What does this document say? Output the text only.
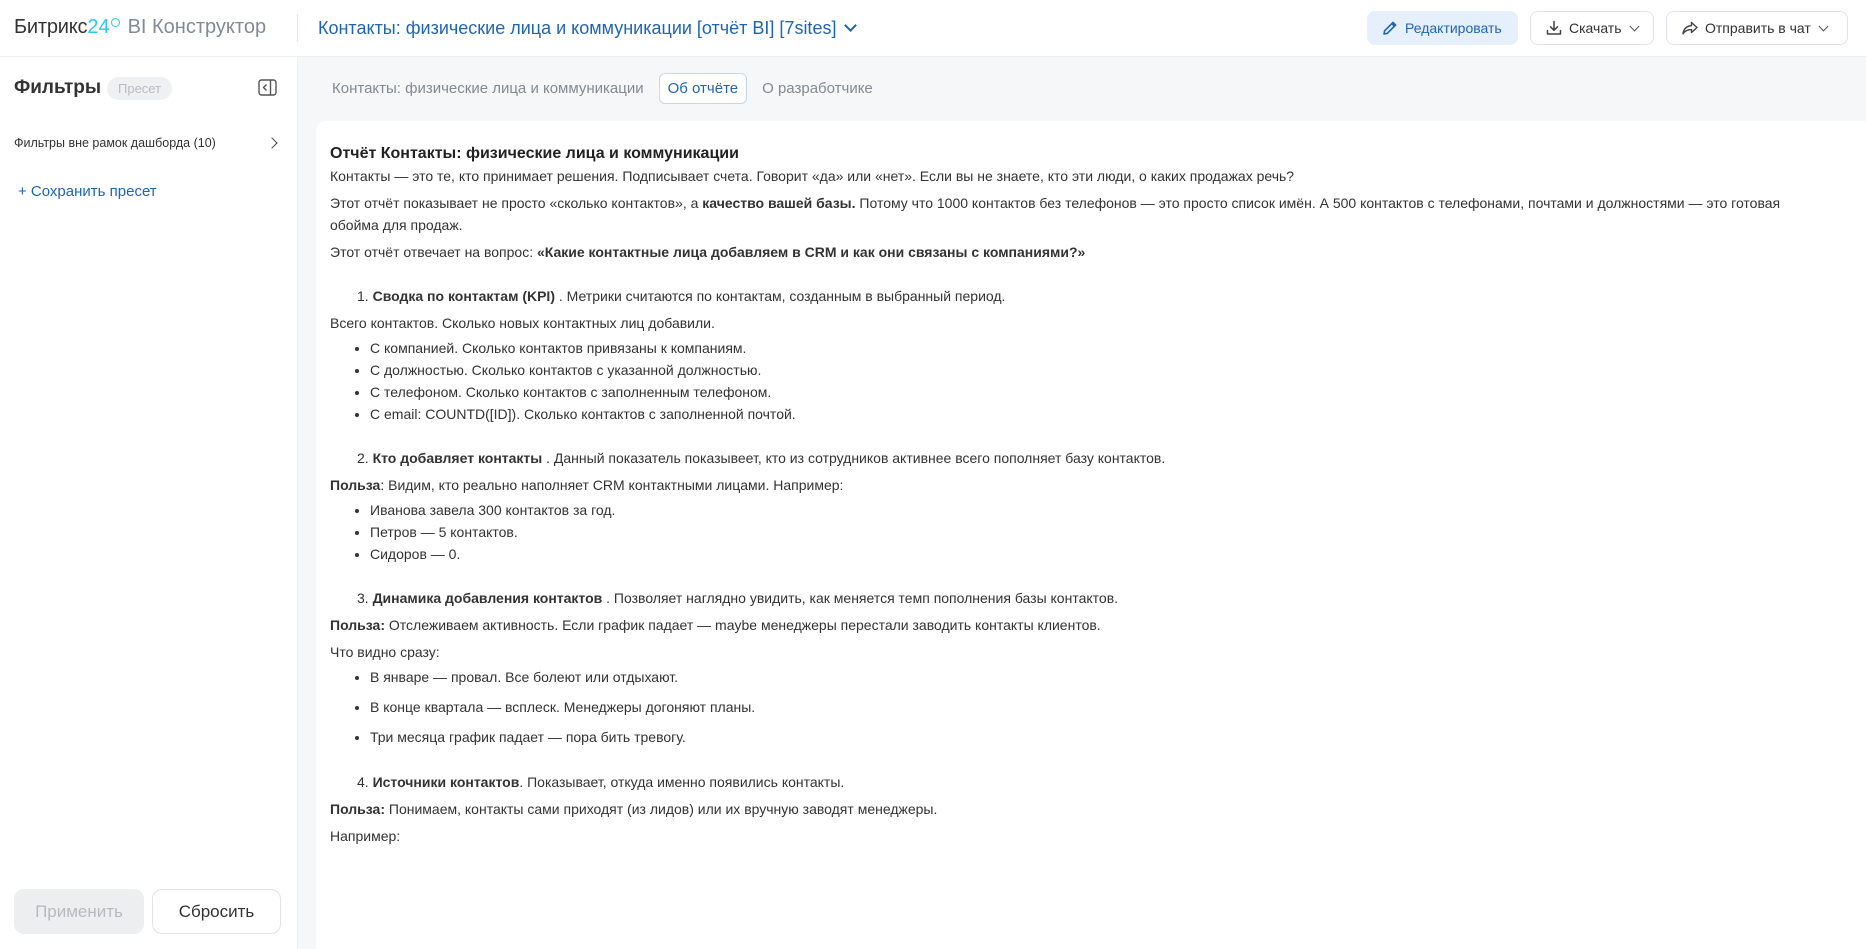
Битрикс 24 BI Конструктор	Контакты: физические лица и коммуникации [отчёт BI] [7sites]	Редактировать	Скачать	Отправить в чат
Фильтры	Пресет
Фильтры вне рамок дашборда (10)
+ Сохранить пресет
Применить	Сбросить
Контакты: физические лица и коммуникации	Об отчёте	О разработчике
Отчёт Контакты: физические лица и коммуникации

Контакты — это те, кто принимает решения. Подписывает счета. Говорит «да» или «нет». Если вы не знаете, кто эти люди, о каких продажах речь?

Этот отчёт показывает не просто «сколько контактов», а качество вашей базы. Потому что 1000 контактов без телефонов — это просто список имён. А 500 контактов с телефонами, почтами и должностями — это готовая обойма для продаж.

Этот отчёт отвечает на вопрос: «Какие контактные лица добавляем в CRM и как они связаны с компаниями?»

1. Сводка по контактам (KPI) . Метрики считаются по контактам, созданным в выбранный период.

Всего контактов. Сколько новых контактных лиц добавили.

• С компанией. Сколько контактов привязаны к компаниям.
• С должностью. Сколько контактов с указанной должностью.
• С телефоном. Сколько контактов с заполненным телефоном.
• С email: COUNTD([ID]). Сколько контактов с заполненной почтой.

2. Кто добавляет контакты . Данный показатель показывеет, кто из сотрудников активнее всего пополняет базу контактов.

Польза: Видим, кто реально наполняет CRM контактными лицами. Например:

• Иванова завела 300 контактов за год.
• Петров — 5 контактов.
• Сидоров — 0.

3. Динамика добавления контактов . Позволяет наглядно увидить, как меняется темп пополнения базы контактов.

Польза: Отслеживаем активность. Если график падает — maybe менеджеры перестали заводить контакты клиентов.

Что видно сразу:

• В январе — провал. Все болеют или отдыхают.
• В конце квартала — всплеск. Менеджеры догоняют планы.
• Три месяца график падает — пора бить тревогу.

4. Источники контактов. Показывает, откуда именно появились контакты.

Польза: Понимаем, контакты сами приходят (из лидов) или их вручную заводят менеджеры.

Например:
